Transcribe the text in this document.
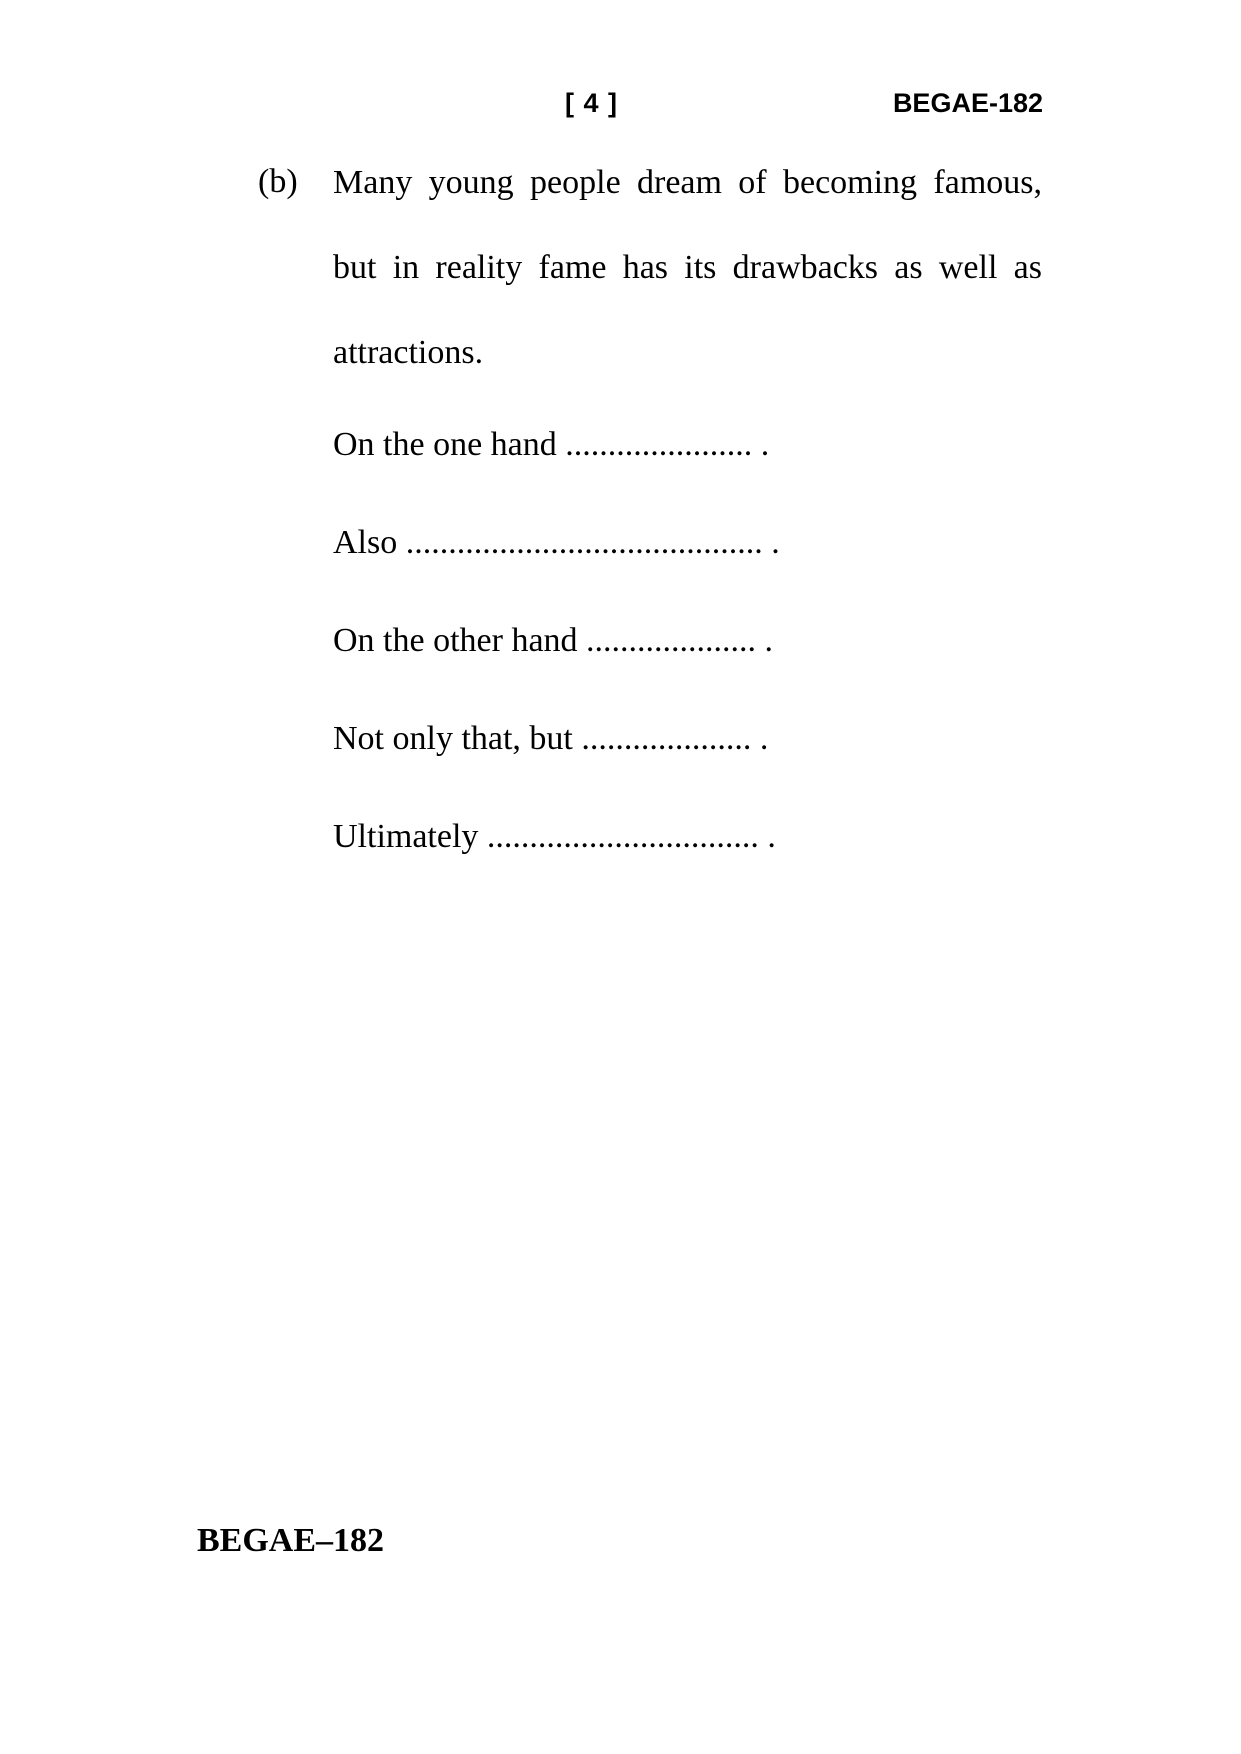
[ 4 ]	BEGAE-182
(b) Many young people dream of becoming famous, but in reality fame has its drawbacks as well as attractions.
On the one hand ...................... .
Also .......................................... .
On the other hand .................... .
Not only that, but .................... .
Ultimately ................................ .
BEGAE–182
